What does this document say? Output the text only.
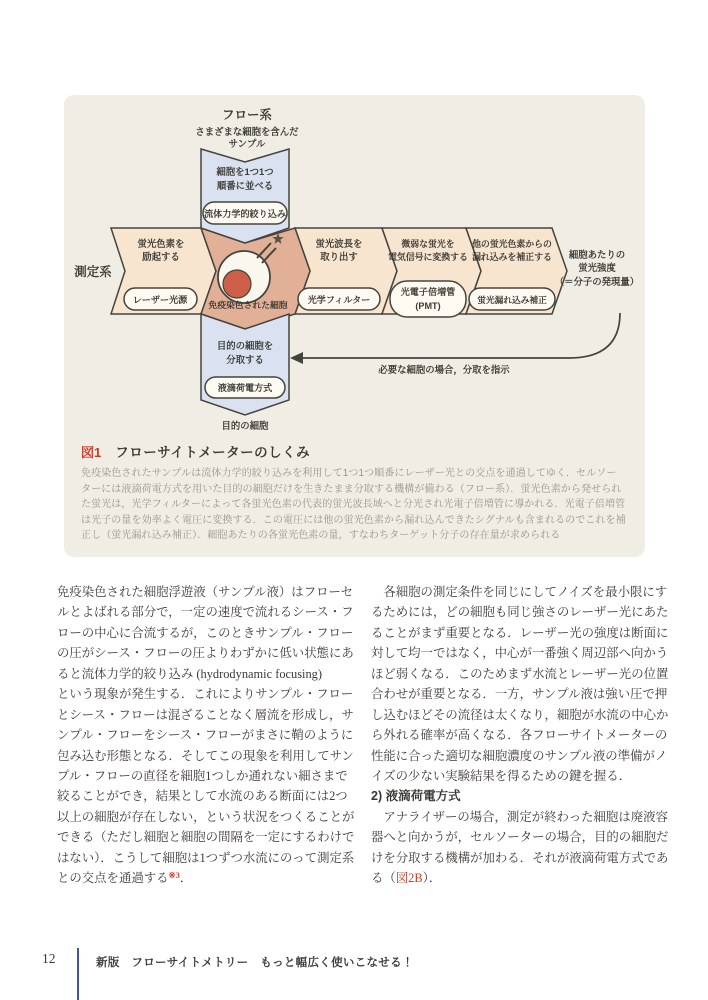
フロー系
さまざまな細胞を含んだ
サンプル
細胞を1つ1つ
順番に並べる
流体力学的絞り込み
測定系
蛍光色素を
励起する
レーザー光源 免疫染色された細胞
蛍光波長を
取り出す
光学フィルター
微弱な蛍光を
電気信号に変換する
光電子倍増管
(PMT)
他の蛍光色素からの
漏れ込みを補正する
蛍光漏れ込み補正
細胞あたりの
蛍光強度
（＝分子の発現量）
目的の細胞を
分取する
液滴荷電方式
目的の細胞
必要な細胞の場合，分取を指示
図1 フローサイトメーターのしくみ
免疫染色されたサンプルは流体力学的絞り込みを利用して1つ1つ順番にレーザー光との交点を通過してゆく．セルソー
ターには液滴荷電方式を用いた目的の細胞だけを生きたまま分取する機構が備わる（フロー系）．蛍光色素から発せられ
た蛍光は，光学フィルターによって各蛍光色素の代表的蛍光波長域へと分光され光電子倍増管に導かれる．光電子倍増管
は光子の量を効率よく電圧に変換する．この電圧には他の蛍光色素から漏れ込んできたシグナルも含まれるのでこれを補
正し（蛍光漏れ込み補正）．細胞あたりの各蛍光色素の量，すなわちターゲット分子の存在量が求められる
免疫染色された細胞浮遊液（サンプル液）はフローセ
ルとよばれる部分で，一定の速度で流れるシース・フ
ローの中心に合流するが，このときサンプル・フロー
の圧がシース・フローの圧よりわずかに低い状態にあ
ると流体力学的絞り込み (hydrodynamic focusing)
という現象が発生する．これによりサンプル・フロー
とシース・フローは混ざることなく層流を形成し，サ
ンプル・フローをシース・フローがまさに鞘のように
包み込む形態となる．そしてこの現象を利用してサン
プル・フローの直径を細胞1つしか通れない細さまで
絞ることができ，結果として水流のある断面には2つ
以上の細胞が存在しない，という状況をつくることが
できる（ただし細胞と細胞の間隔を一定にするわけで
はない）．こうして細胞は1つずつ水流にのって測定系
との交点を通過する$^{※3}$．
　各細胞の測定条件を同じにしてノイズを最小限にす
るためには，どの細胞も同じ強さのレーザー光にあた
ることがまず重要となる．レーザー光の強度は断面に
対して均一ではなく，中心が一番強く周辺部へ向かう
ほど弱くなる．このためまず水流とレーザー光の位置
合わせが重要となる．一方，サンプル液は強い圧で押
し込むほどその流径は太くなり，細胞が水流の中心か
ら外れる確率が高くなる．各フローサイトメーターの
性能に合った適切な細胞濃度のサンプル液の準備がノ
イズの少ない実験結果を得るための鍵を握る．
2) 液滴荷電方式
　アナライザーの場合，測定が終わった細胞は廃液容
器へと向かうが，セルソーターの場合，目的の細胞だ
けを分取する機構が加わる．それが液滴荷電方式であ
る（図2B）．
12	新版　フローサイトメトリー　もっと幅広く使いこなせる！
